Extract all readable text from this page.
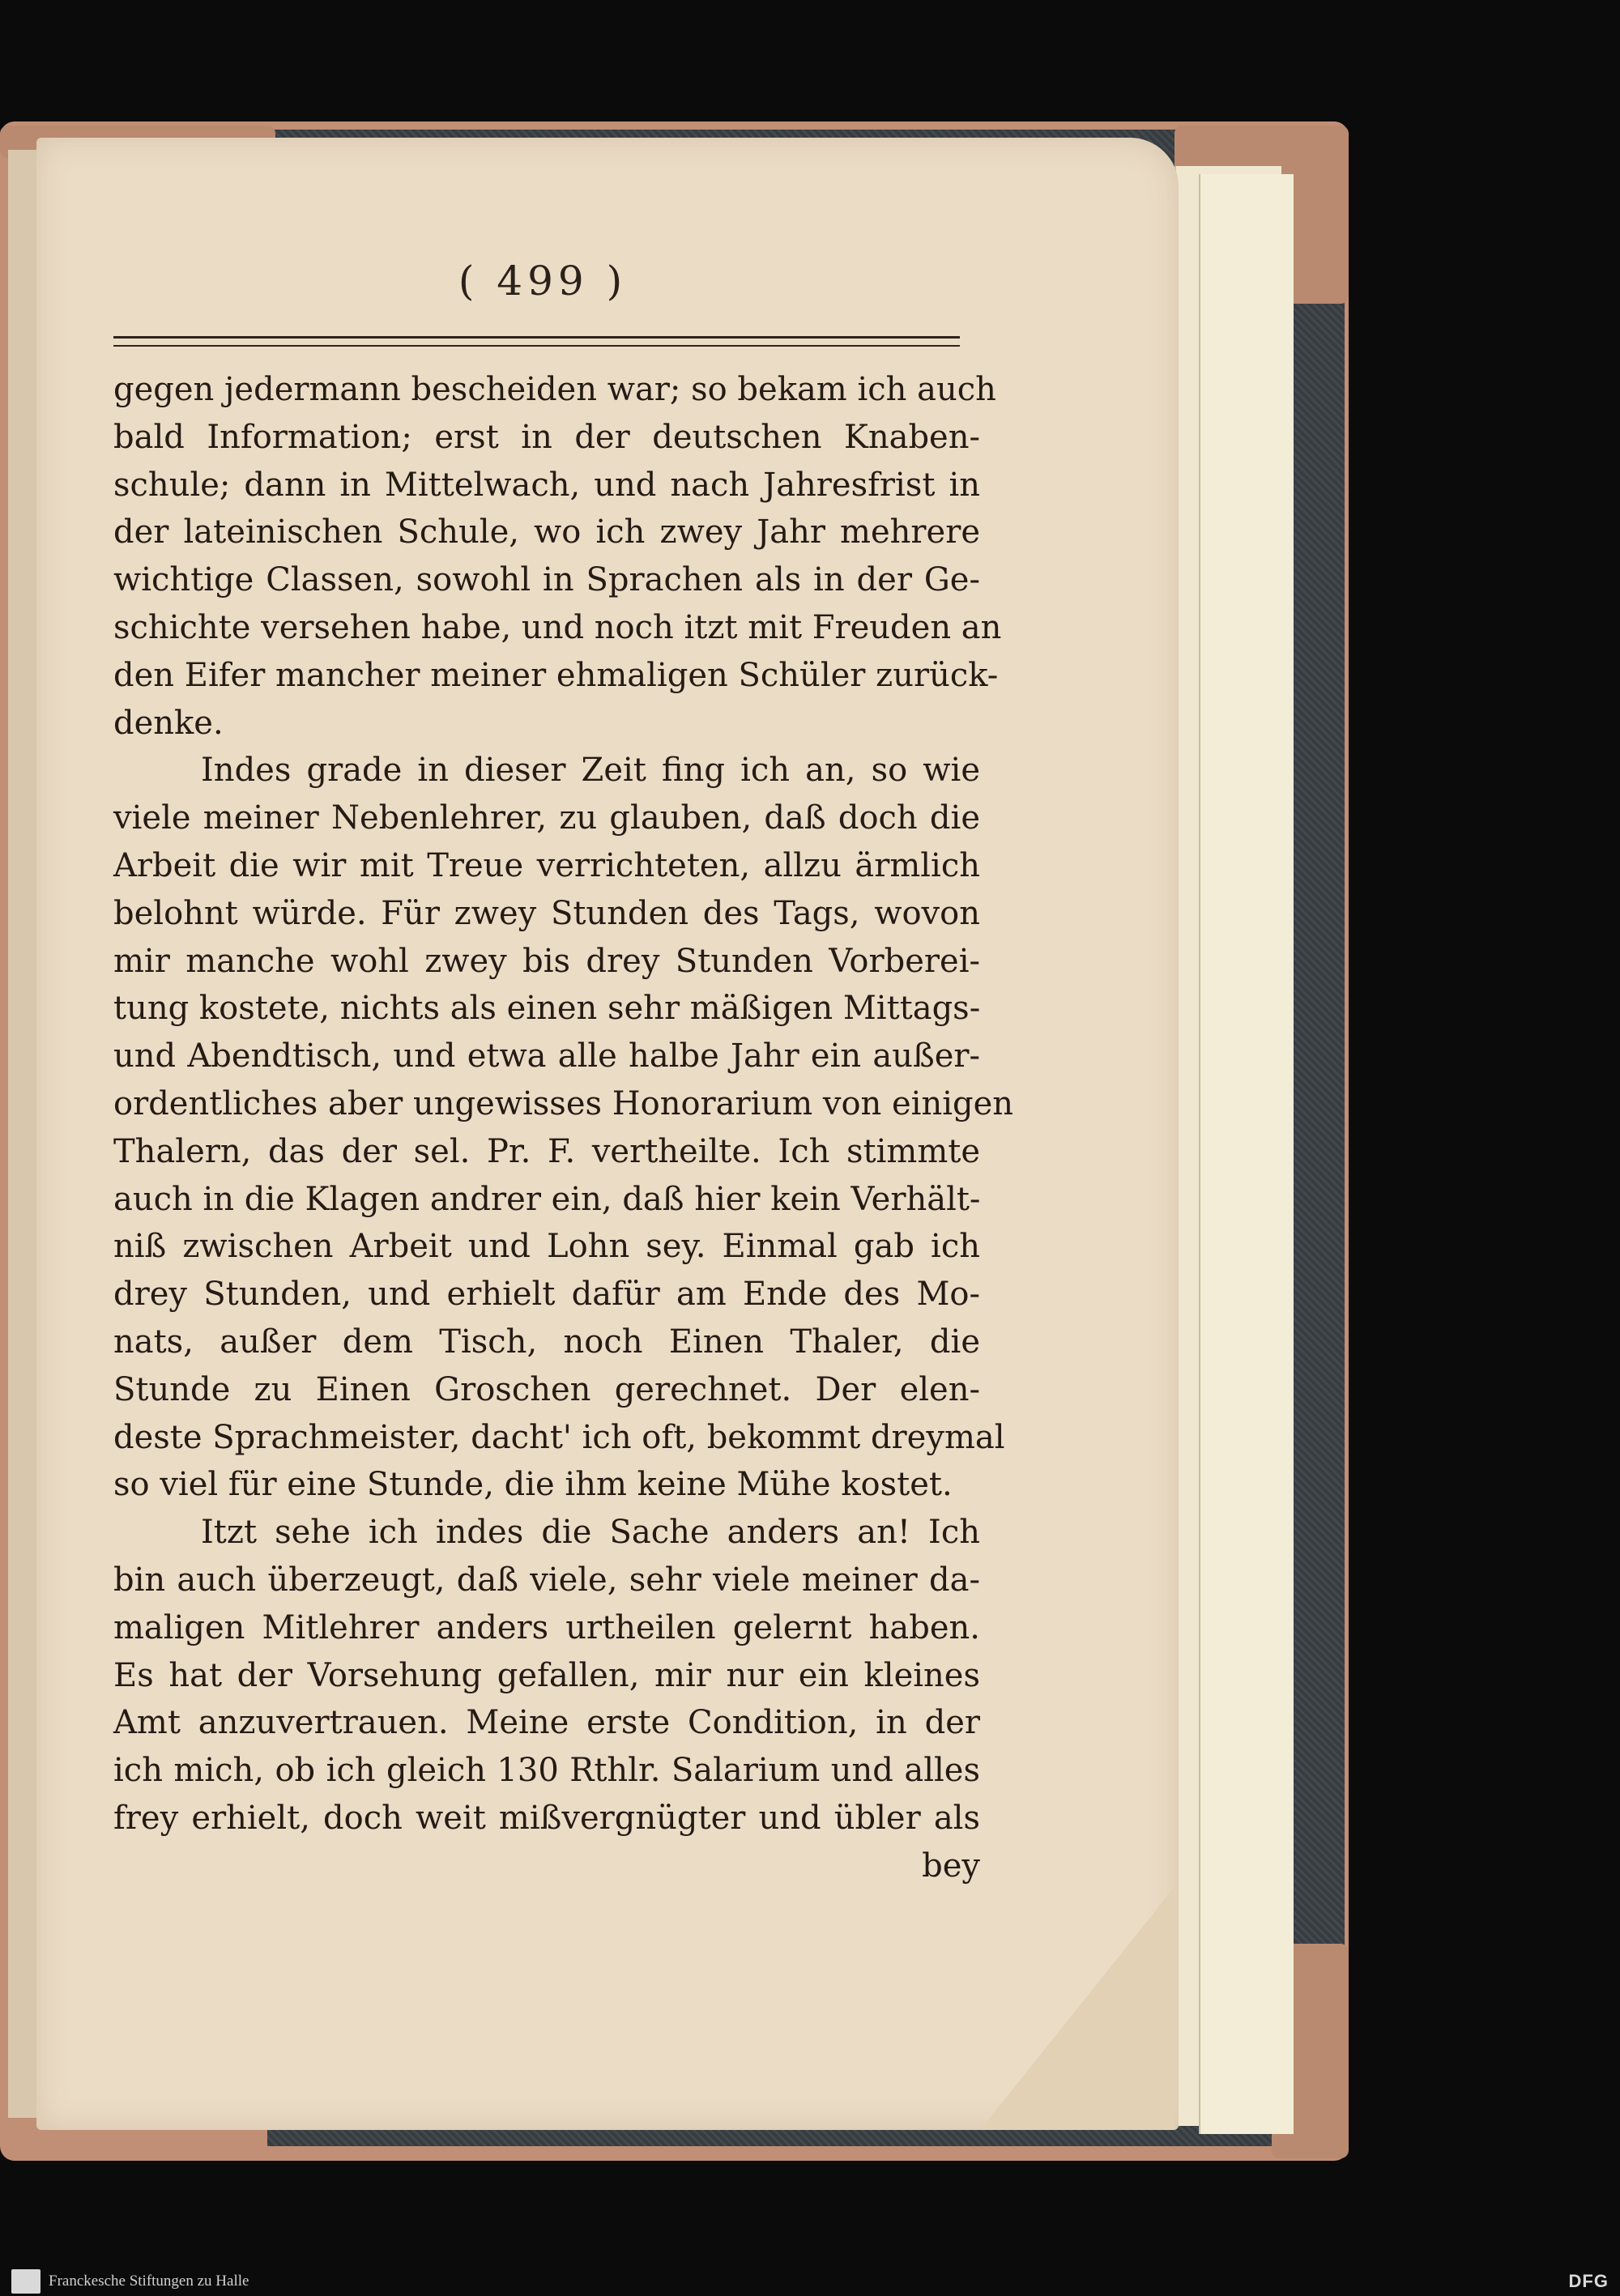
( 499 )
gegen jedermann bescheiden war; so bekam ich auch
bald Information; erst in der deutschen Knaben-
schule; dann in Mittelwach, und nach Jahresfrist in
der lateinischen Schule, wo ich zwey Jahr mehrere
wichtige Classen, sowohl in Sprachen als in der Ge-
schichte versehen habe, und noch itzt mit Freuden an
den Eifer mancher meiner ehmaligen Schüler zurück-
denke.
Indes grade in dieser Zeit fing ich an, so wie
viele meiner Nebenlehrer, zu glauben, daß doch die
Arbeit die wir mit Treue verrichteten, allzu ärmlich
belohnt würde. Für zwey Stunden des Tags, wovon
mir manche wohl zwey bis drey Stunden Vorberei-
tung kostete, nichts als einen sehr mäßigen Mittags-
und Abendtisch, und etwa alle halbe Jahr ein außer-
ordentliches aber ungewisses Honorarium von einigen
Thalern, das der sel. Pr. F. vertheilte. Ich stimmte
auch in die Klagen andrer ein, daß hier kein Verhält-
niß zwischen Arbeit und Lohn sey. Einmal gab ich
drey Stunden, und erhielt dafür am Ende des Mo-
nats, außer dem Tisch, noch Einen Thaler, die
Stunde zu Einen Groschen gerechnet. Der elen-
deste Sprachmeister, dacht' ich oft, bekommt dreymal
so viel für eine Stunde, die ihm keine Mühe kostet.
Itzt sehe ich indes die Sache anders an! Ich
bin auch überzeugt, daß viele, sehr viele meiner da-
maligen Mitlehrer anders urtheilen gelernt haben.
Es hat der Vorsehung gefallen, mir nur ein kleines
Amt anzuvertrauen. Meine erste Condition, in der
ich mich, ob ich gleich 130 Rthlr. Salarium und alles
frey erhielt, doch weit mißvergnügter und übler als
bey
Franckesche Stiftungen zu Halle	DFG
